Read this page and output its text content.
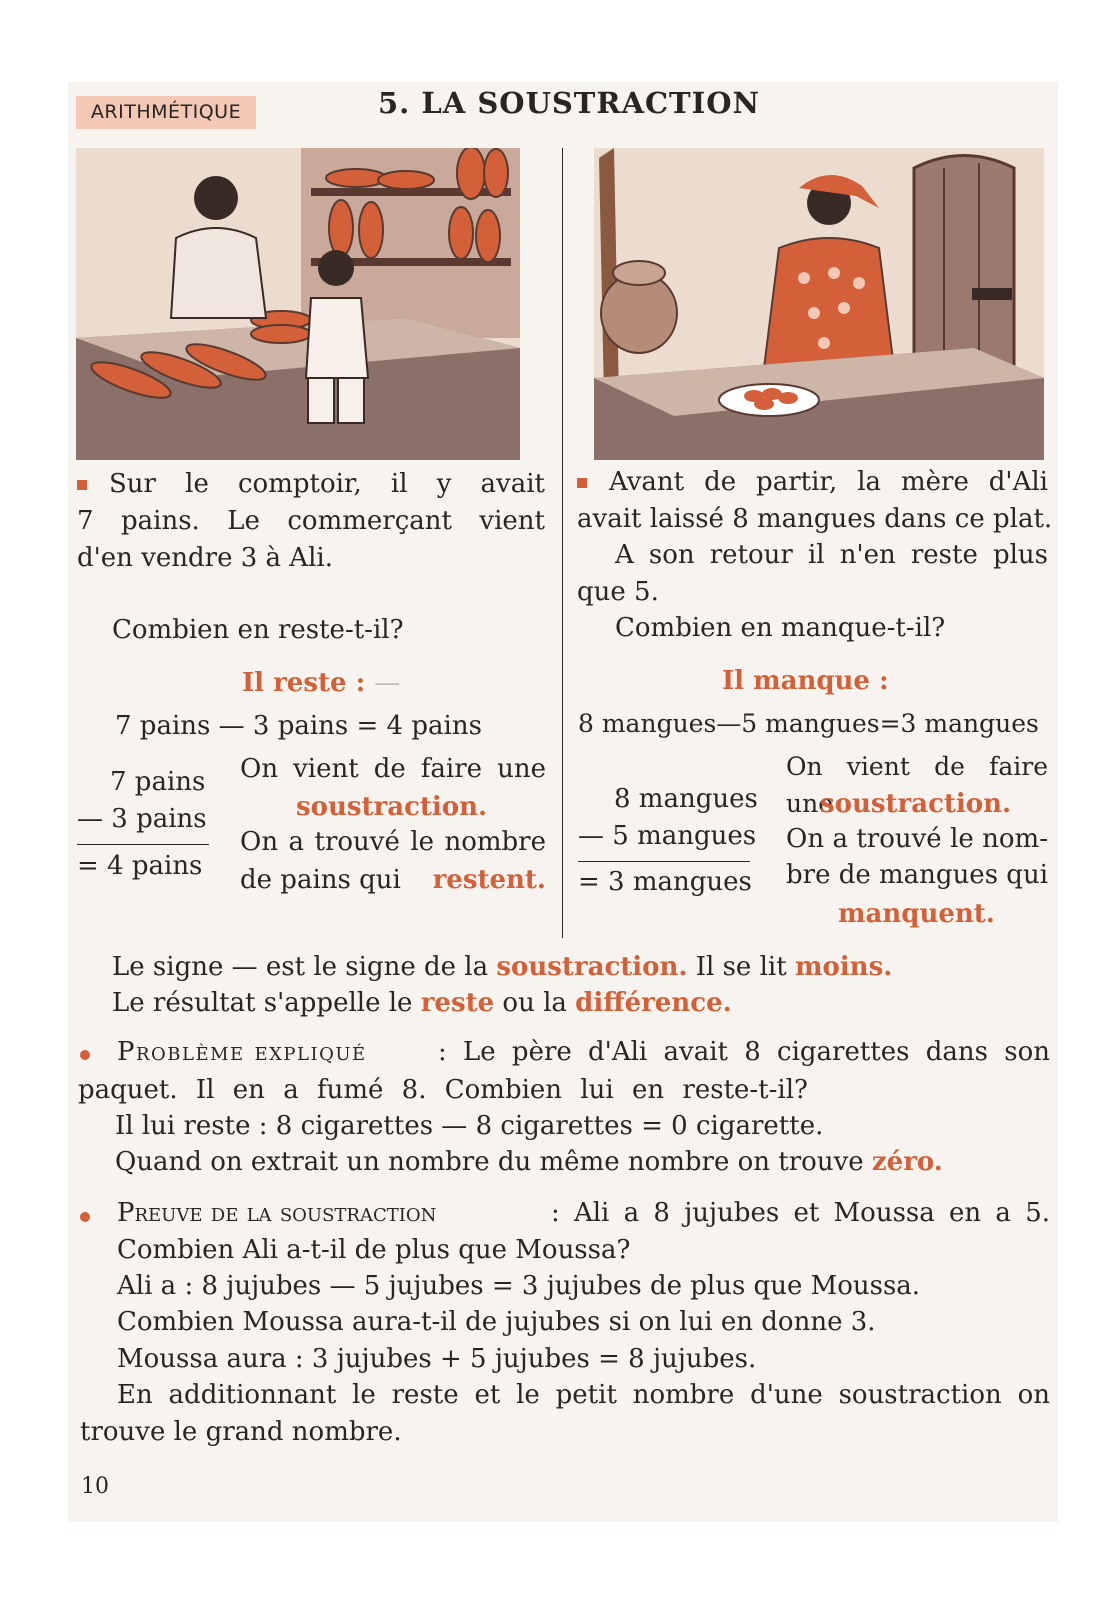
ARITHMÉTIQUE	5. LA SOUSTRACTION
Sur le comptoir, il y avait
7 pains. Le commerçant vient
d'en vendre 3 à Ali.
Combien en reste-t-il?
Il reste : —
7 pains — 3 pains = 4 pains
7 pains
— 3 pains
= 4 pains
On vient de faire une
soustraction.
On a trouvé le nombre
de pains qui restent.
Avant de partir, la mère d'Ali
avait laissé 8 mangues dans ce plat.
A son retour il n'en reste plus
que 5.
Combien en manque-t-il?
Il manque :
8 mangues—5 mangues=3 mangues
8 mangues
— 5 mangues
= 3 mangues
On vient de faire une
soustraction.
On a trouvé le nom-
bre de mangues qui
manquent.
Le signe — est le signe de la soustraction. Il se lit moins.
Le résultat s'appelle le reste ou la différence.
Problème expliqué	: Le père d'Ali avait 8 cigarettes dans son
paquet. Il en a fumé 8. Combien lui en reste-t-il?
Il lui reste : 8 cigarettes — 8 cigarettes = 0 cigarette.
Quand on extrait un nombre du même nombre on trouve zéro.
Preuve de la soustraction	: Ali a 8 jujubes et Moussa en a 5.
Combien Ali a-t-il de plus que Moussa?
Ali a : 8 jujubes — 5 jujubes = 3 jujubes de plus que Moussa.
Combien Moussa aura-t-il de jujubes si on lui en donne 3.
Moussa aura : 3 jujubes + 5 jujubes = 8 jujubes.
En additionnant le reste et le petit nombre d'une soustraction on
trouve le grand nombre.
10
